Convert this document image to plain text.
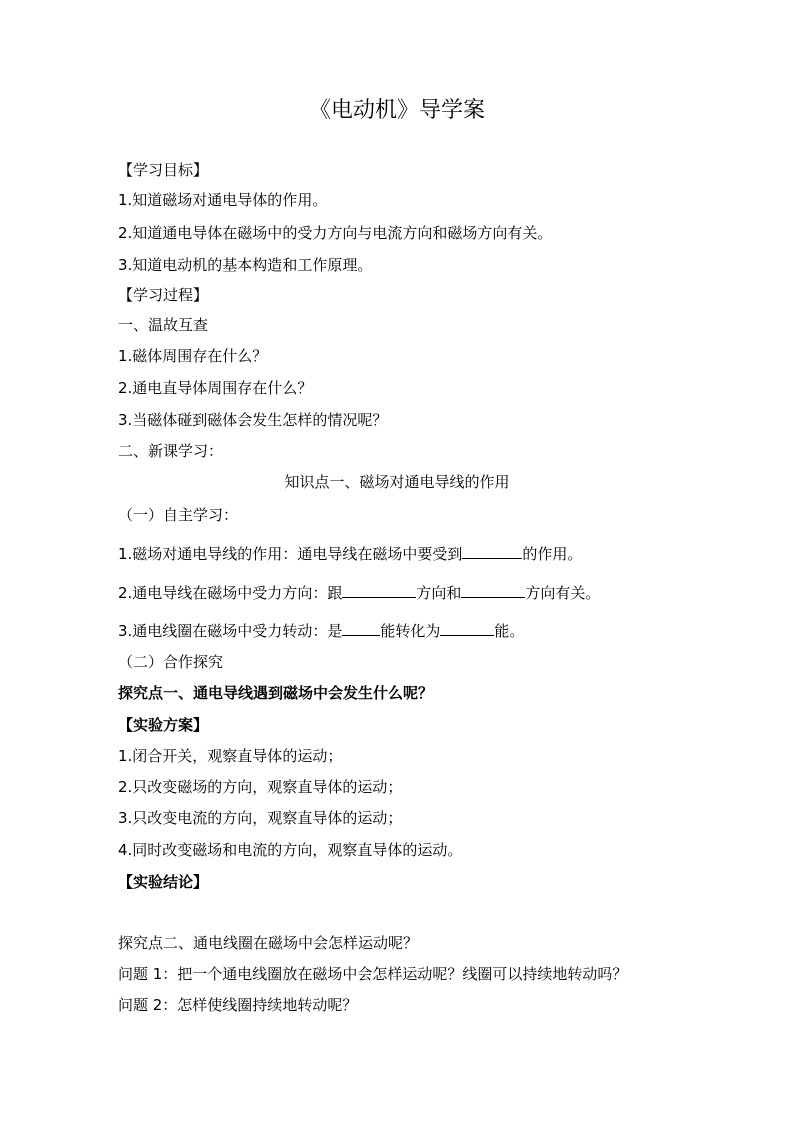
《电动机》导学案
【学习目标】
1.知道磁场对通电导体的作用。
2.知道通电导体在磁场中的受力方向与电流方向和磁场方向有关。
3.知道电动机的基本构造和工作原理。
【学习过程】
一、温故互查
1.磁体周围存在什么？
2.通电直导体周围存在什么？
3.当磁体碰到磁体会发生怎样的情况呢？
二、新课学习：
知识点一、磁场对通电导线的作用
（一）自主学习：
1.磁场对通电导线的作用：通电导线在磁场中要受到	的作用。
2.通电导线在磁场中受力方向：跟	方向和	方向有关。
3.通电线圈在磁场中受力转动：是	能转化为	能。
（二）合作探究
探究点一、通电导线遇到磁场中会发生什么呢？
【实验方案】
1.闭合开关，观察直导体的运动；
2.只改变磁场的方向，观察直导体的运动；
3.只改变电流的方向，观察直导体的运动；
4.同时改变磁场和电流的方向，观察直导体的运动。
【实验结论】
探究点二、通电线圈在磁场中会怎样运动呢？
问题 1：把一个通电线圈放在磁场中会怎样运动呢？线圈可以持续地转动吗？
问题 2：怎样使线圈持续地转动呢？
